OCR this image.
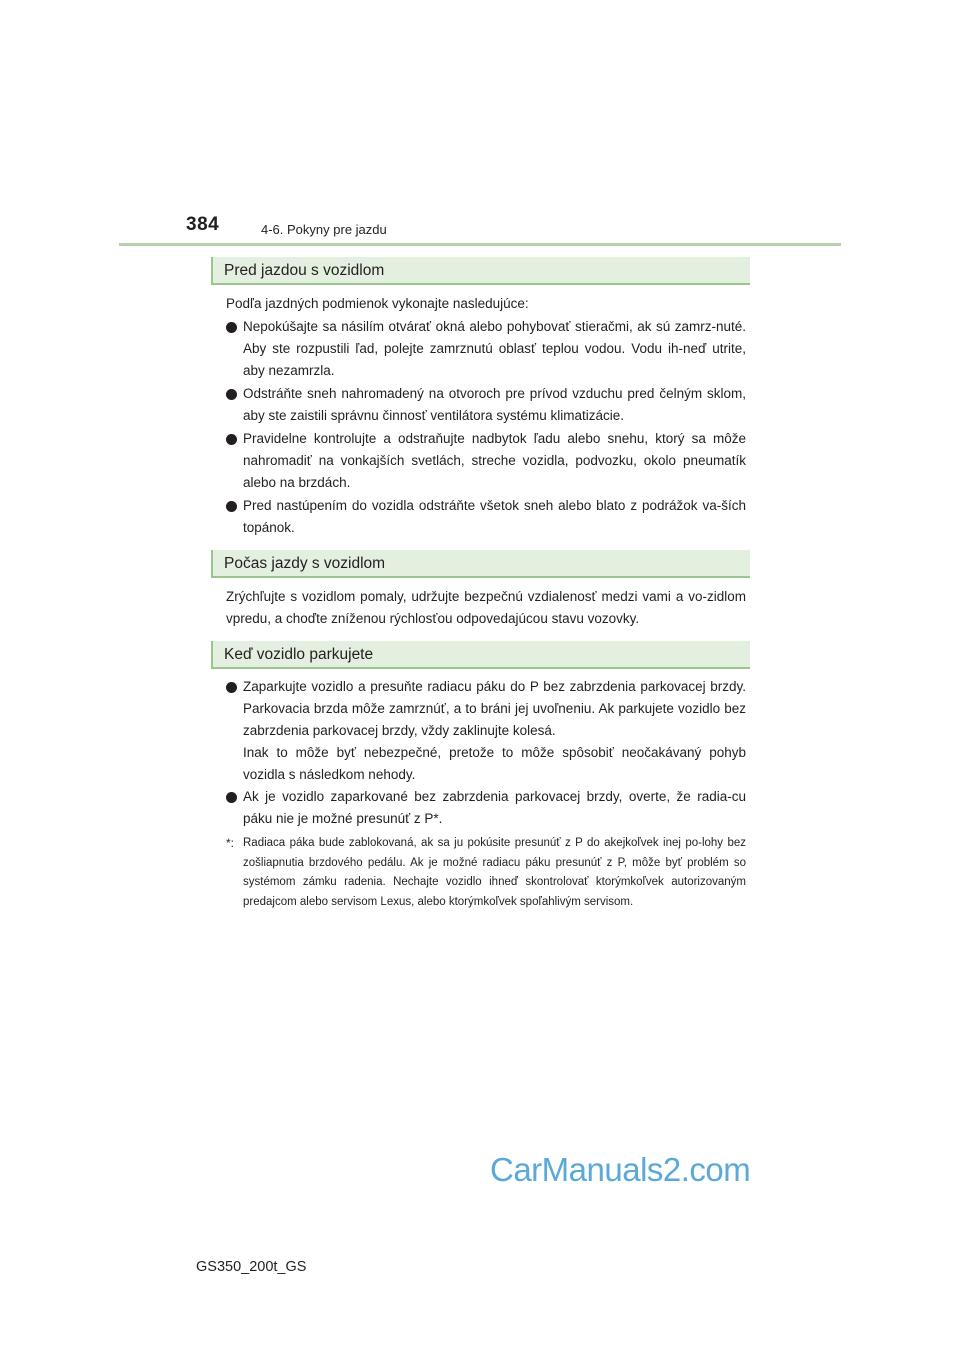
384	4-6. Pokyny pre jazdu
Pred jazdou s vozidlom
Podľa jazdných podmienok vykonajte nasledujúce:
Nepokúšajte sa násilím otvárať okná alebo pohybovať stieračmi, ak sú zamrz-nuté. Aby ste rozpustili ľad, polejte zamrznutú oblasť teplou vodou. Vodu ih-neď utrite, aby nezamrzla.
Odstráňte sneh nahromadený na otvoroch pre prívod vzduchu pred čelným sklom, aby ste zaistili správnu činnosť ventilátora systému klimatizácie.
Pravidelne kontrolujte a odstraňujte nadbytok ľadu alebo snehu, ktorý sa môže nahromadiť na vonkajších svetlách, streche vozidla, podvozku, okolo pneumatík alebo na brzdách.
Pred nastúpením do vozidla odstráňte všetok sneh alebo blato z podrážok va-ších topánok.
Počas jazdy s vozidlom
Zrýchľujte s vozidlom pomaly, udržujte bezpečnú vzdialenosť medzi vami a vo-zidlom vpredu, a choďte zníženou rýchlosťou odpovedajúcou stavu vozovky.
Keď vozidlo parkujete
Zaparkujte vozidlo a presuňte radiacu páku do P bez zabrzdenia parkovacej brzdy. Parkovacia brzda môže zamrznúť, a to bráni jej uvoľneniu. Ak parkujete vozidlo bez zabrzdenia parkovacej brzdy, vždy zaklinujte kolesá.
Inak to môže byť nebezpečné, pretože to môže spôsobiť neočakávaný pohyb vozidla s následkom nehody.
Ak je vozidlo zaparkované bez zabrzdenia parkovacej brzdy, overte, že radia-cu páku nie je možné presunúť z P*.
*: Radiaca páka bude zablokovaná, ak sa ju pokúsite presunúť z P do akejkoľvek inej po-lohy bez zošliapnutia brzdového pedálu. Ak je možné radiacu páku presunúť z P, môže byť problém so systémom zámku radenia. Nechajte vozidlo ihneď skontrolovať ktorýmkoľvek autorizovaným predajcom alebo servisom Lexus, alebo ktorýmkoľvek spoľahlivým servisom.
CarManuals2.com
GS350_200t_GS
